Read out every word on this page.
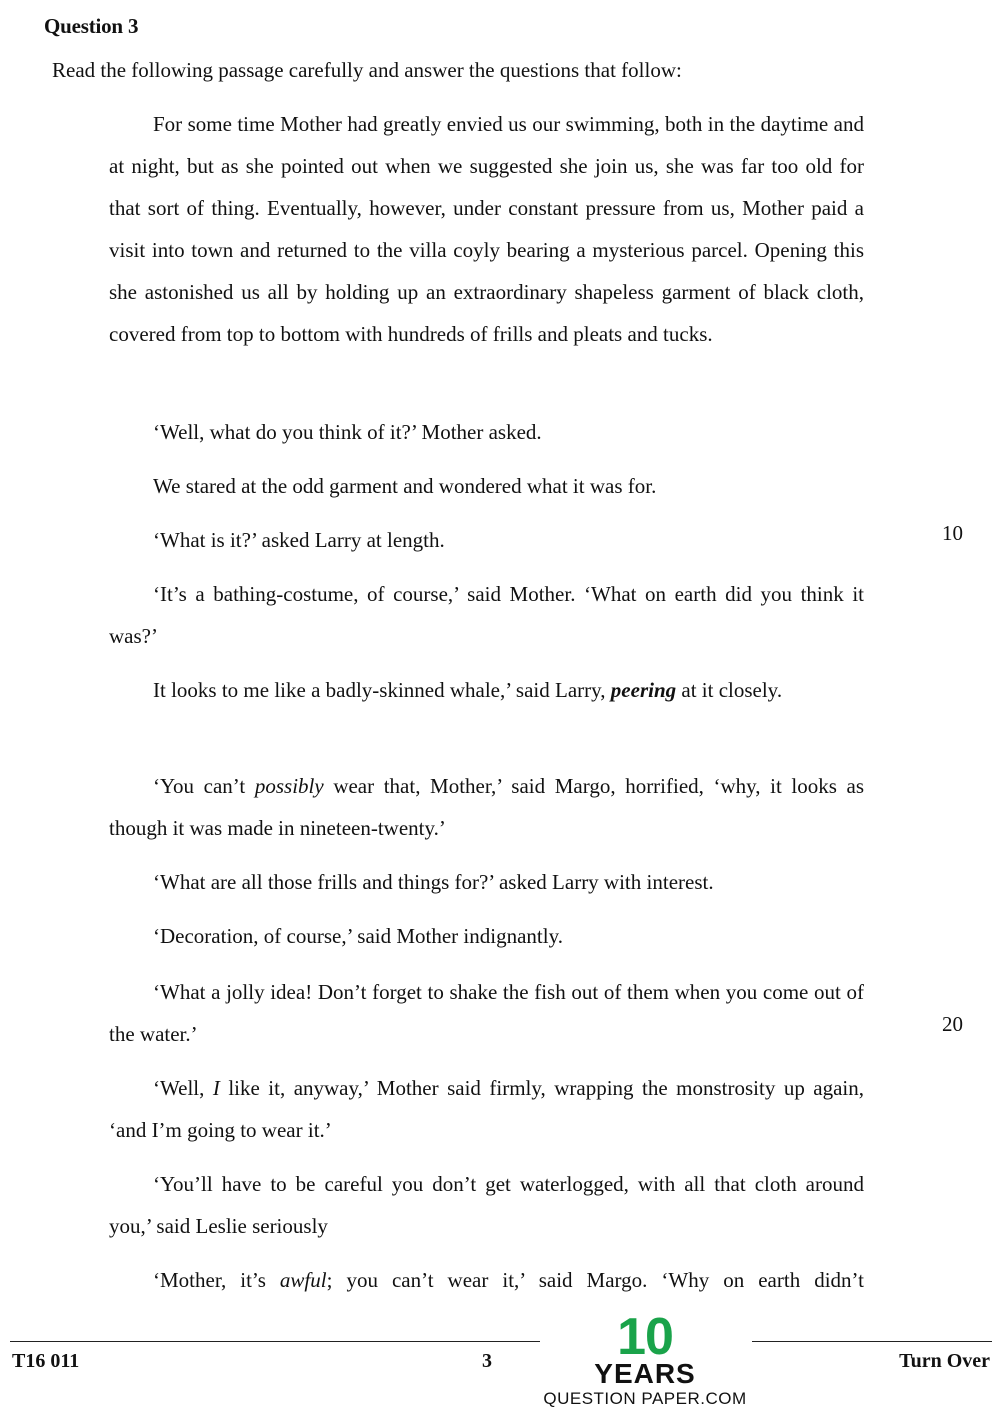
Question 3
Read the following passage carefully and answer the questions that follow:

For some time Mother had greatly envied us our swimming, both in the daytime and at night, but as she pointed out when we suggested she join us, she was far too old for that sort of thing. Eventually, however, under constant pressure from us, Mother paid a visit into town and returned to the villa coyly bearing a mysterious parcel. Opening this she astonished us all by holding up an extraordinary shapeless garment of black cloth, covered from top to bottom with hundreds of frills and pleats and tucks.

‘Well, what do you think of it?’ Mother asked.

We stared at the odd garment and wondered what it was for.

‘What is it?’ asked Larry at length.	10

‘It’s a bathing-costume, of course,’ said Mother. ‘What on earth did you think it was?’

It looks to me like a badly-skinned whale,’ said Larry, peering at it closely.

‘You can’t possibly wear that, Mother,’ said Margo, horrified, ‘why, it looks as though it was made in nineteen-twenty.’

‘What are all those frills and things for?’ asked Larry with interest.

‘Decoration, of course,’ said Mother indignantly.

‘What a jolly idea! Don’t forget to shake the fish out of them when you come out of the water.’	20

‘Well, I like it, anyway,’ Mother said firmly, wrapping the monstrosity up again, ‘and I’m going to wear it.’

‘You’ll have to be careful you don’t get waterlogged, with all that cloth around you,’ said Leslie seriously

‘Mother, it’s awful; you can’t wear it,’ said Margo. ‘Why on earth didn’t

T16 011	3	Turn Over
10
YEARS
QUESTION PAPER.COM
